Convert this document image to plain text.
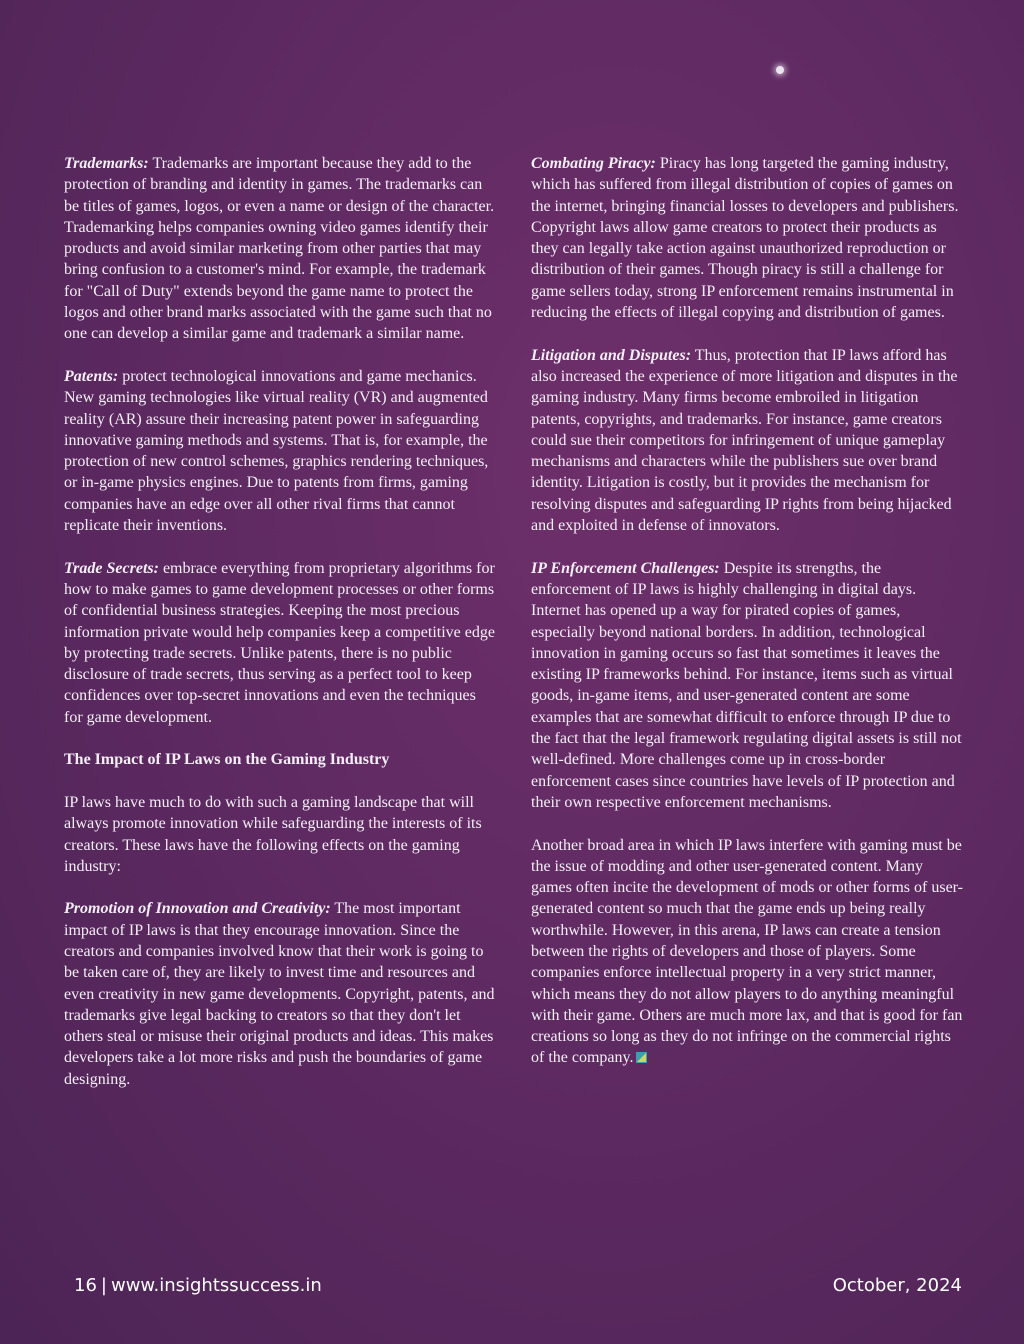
Trademarks: Trademarks are important because they add to the protection of branding and identity in games. The trademarks can be titles of games, logos, or even a name or design of the character. Trademarking helps companies owning video games identify their products and avoid similar marketing from other parties that may bring confusion to a customer's mind. For example, the trademark for "Call of Duty" extends beyond the game name to protect the logos and other brand marks associated with the game such that no one can develop a similar game and trademark a similar name.

Patents: protect technological innovations and game mechanics. New gaming technologies like virtual reality (VR) and augmented reality (AR) assure their increasing patent power in safeguarding innovative gaming methods and systems. That is, for example, the protection of new control schemes, graphics rendering techniques, or in-game physics engines. Due to patents from firms, gaming companies have an edge over all other rival firms that cannot replicate their inventions.

Trade Secrets: embrace everything from proprietary algorithms for how to make games to game development processes or other forms of confidential business strategies. Keeping the most precious information private would help companies keep a competitive edge by protecting trade secrets. Unlike patents, there is no public disclosure of trade secrets, thus serving as a perfect tool to keep confidences over top-secret innovations and even the techniques for game development.

The Impact of IP Laws on the Gaming Industry

IP laws have much to do with such a gaming landscape that will always promote innovation while safeguarding the interests of its creators. These laws have the following effects on the gaming industry:

Promotion of Innovation and Creativity: The most important impact of IP laws is that they encourage innovation. Since the creators and companies involved know that their work is going to be taken care of, they are likely to invest time and resources and even creativity in new game developments. Copyright, patents, and trademarks give legal backing to creators so that they don't let others steal or misuse their original products and ideas. This makes developers take a lot more risks and push the boundaries of game designing.

Combating Piracy: Piracy has long targeted the gaming industry, which has suffered from illegal distribution of copies of games on the internet, bringing financial losses to developers and publishers. Copyright laws allow game creators to protect their products as they can legally take action against unauthorized reproduction or distribution of their games. Though piracy is still a challenge for game sellers today, strong IP enforcement remains instrumental in reducing the effects of illegal copying and distribution of games.

Litigation and Disputes: Thus, protection that IP laws afford has also increased the experience of more litigation and disputes in the gaming industry. Many firms become embroiled in litigation patents, copyrights, and trademarks. For instance, game creators could sue their competitors for infringement of unique gameplay mechanisms and characters while the publishers sue over brand identity. Litigation is costly, but it provides the mechanism for resolving disputes and safeguarding IP rights from being hijacked and exploited in defense of innovators.

IP Enforcement Challenges: Despite its strengths, the enforcement of IP laws is highly challenging in digital days. Internet has opened up a way for pirated copies of games, especially beyond national borders. In addition, technological innovation in gaming occurs so fast that sometimes it leaves the existing IP frameworks behind. For instance, items such as virtual goods, in-game items, and user-generated content are some examples that are somewhat difficult to enforce through IP due to the fact that the legal framework regulating digital assets is still not well-defined. More challenges come up in cross-border enforcement cases since countries have levels of IP protection and their own respective enforcement mechanisms.

Another broad area in which IP laws interfere with gaming must be the issue of modding and other user-generated content. Many games often incite the development of mods or other forms of user-generated content so much that the game ends up being really worthwhile. However, in this arena, IP laws can create a tension between the rights of developers and those of players. Some companies enforce intellectual property in a very strict manner, which means they do not allow players to do anything meaningful with their game. Others are much more lax, and that is good for fan creations so long as they do not infringe on the commercial rights of the company.

16 | www.insightssuccess.in	October, 2024
